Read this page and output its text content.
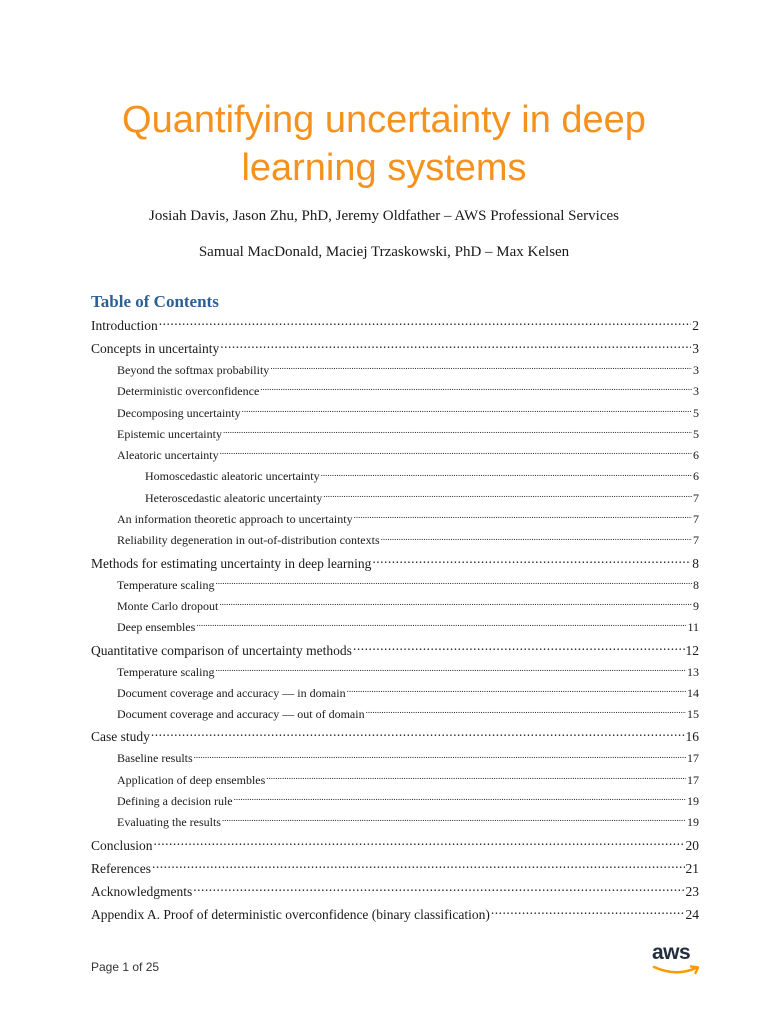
Quantifying uncertainty in deep
learning systems

Josiah Davis, Jason Zhu, PhD, Jeremy Oldfather – AWS Professional Services

Samual MacDonald, Maciej Trzaskowski, PhD – Max Kelsen

Table of Contents
Introduction .....	2
Concepts in uncertainty .....	3
Beyond the softmax probability .....	3
Deterministic overconfidence .....	3
Decomposing uncertainty .....	5
Epistemic uncertainty .....	5
Aleatoric uncertainty .....	6
Homoscedastic aleatoric uncertainty .....	6
Heteroscedastic aleatoric uncertainty .....	7
An information theoretic approach to uncertainty .....	7
Reliability degeneration in out-of-distribution contexts .....	7
Methods for estimating uncertainty in deep learning .....	8
Temperature scaling .....	8
Monte Carlo dropout .....	9
Deep ensembles .....	11
Quantitative comparison of uncertainty methods .....	12
Temperature scaling .....	13
Document coverage and accuracy — in domain .....	14
Document coverage and accuracy — out of domain .....	15
Case study .....	16
Baseline results .....	17
Application of deep ensembles .....	17
Defining a decision rule .....	19
Evaluating the results .....	19
Conclusion .....	20
References .....	21
Acknowledgments .....	23
Appendix A. Proof of deterministic overconfidence (binary classification) .....	24
Page 1 of 25
aws
